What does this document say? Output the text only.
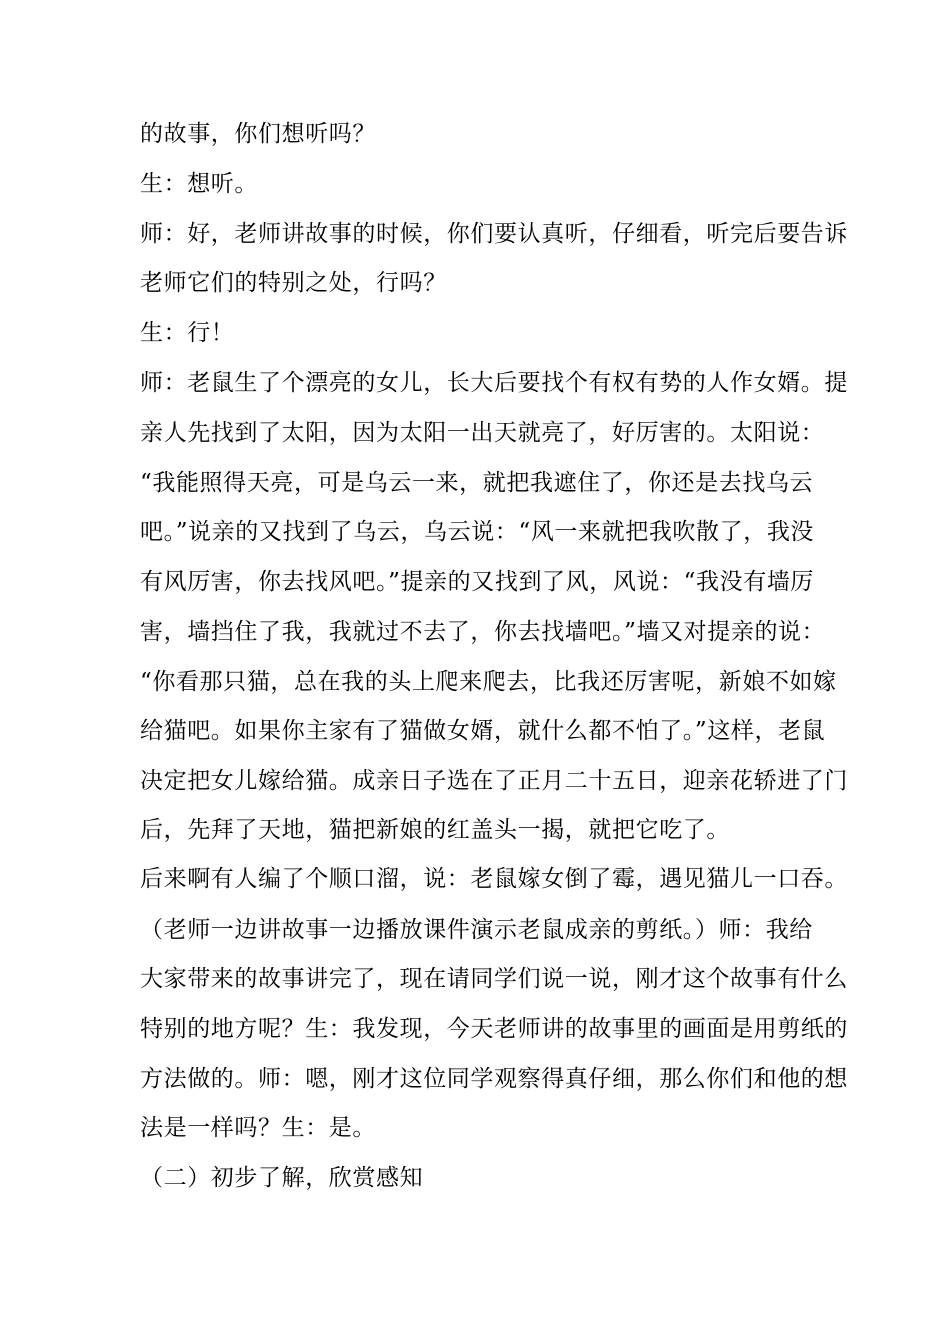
的故事，你们想听吗？
生：想听。
师：好，老师讲故事的时候，你们要认真听，仔细看，听完后要告诉
老师它们的特别之处，行吗？
生：行！
师：老鼠生了个漂亮的女儿，长大后要找个有权有势的人作女婿。提
亲人先找到了太阳，因为太阳一出天就亮了，好厉害的。太阳说：
“我能照得天亮，可是乌云一来，就把我遮住了，你还是去找乌云
吧。”说亲的又找到了乌云，乌云说：“风一来就把我吹散了，我没
有风厉害，你去找风吧。”提亲的又找到了风，风说：“我没有墙厉
害，墙挡住了我，我就过不去了，你去找墙吧。”墙又对提亲的说：
“你看那只猫，总在我的头上爬来爬去，比我还厉害呢，新娘不如嫁
给猫吧。如果你主家有了猫做女婿，就什么都不怕了。”这样，老鼠
决定把女儿嫁给猫。成亲日子选在了正月二十五日，迎亲花轿进了门
后，先拜了天地，猫把新娘的红盖头一揭，就把它吃了。
后来啊有人编了个顺口溜，说：老鼠嫁女倒了霉，遇见猫儿一口吞。
（老师一边讲故事一边播放课件演示老鼠成亲的剪纸。）师：我给
大家带来的故事讲完了，现在请同学们说一说，刚才这个故事有什么
特别的地方呢？生：我发现，今天老师讲的故事里的画面是用剪纸的
方法做的。师：嗯，刚才这位同学观察得真仔细，那么你们和他的想
法是一样吗？生：是。
（二）初步了解，欣赏感知
